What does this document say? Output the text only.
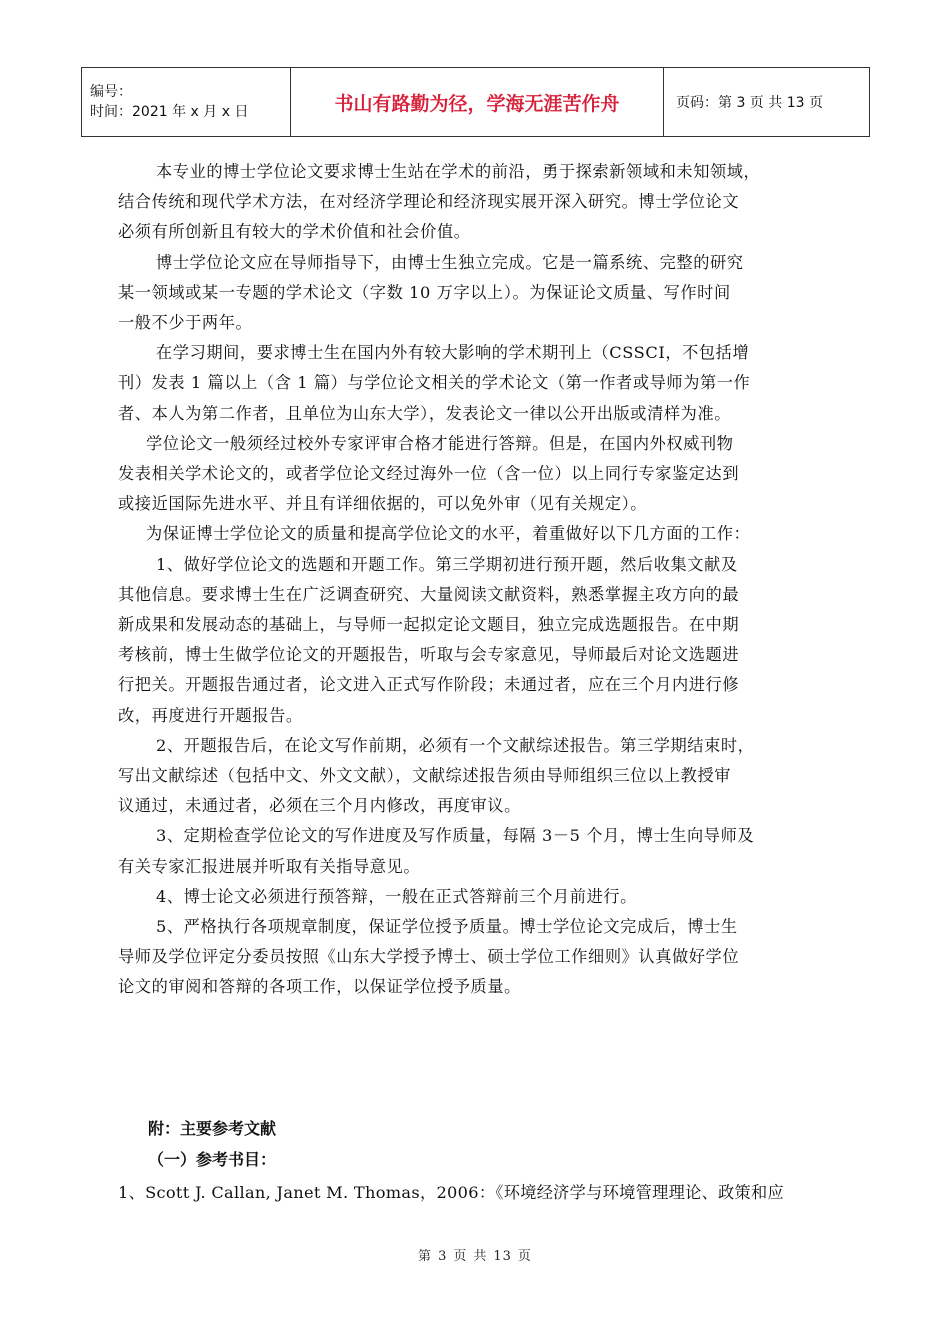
编号：
时间：2021 年 x 月 x 日	书山有路勤为径，学海无涯苦作舟	页码：第 3 页 共 13 页

本专业的博士学位论文要求博士生站在学术的前沿，勇于探索新领域和未知领域，

结合传统和现代学术方法，在对经济学理论和经济现实展开深入研究。博士学位论文
必须有所创新且有较大的学术价值和社会价值。

博士学位论文应在导师指导下，由博士生独立完成。它是一篇系统、完整的研究

某一领域或某一专题的学术论文（字数 10 万字以上）。为保证论文质量、写作时间
一般不少于两年。

在学习期间，要求博士生在国内外有较大影响的学术期刊上（CSSCI，不包括增

刊）发表 1 篇以上（含 1 篇）与学位论文相关的学术论文（第一作者或导师为第一作
者、本人为第二作者，且单位为山东大学），发表论文一律以公开出版或清样为准。

学位论文一般须经过校外专家评审合格才能进行答辩。但是，在国内外权威刊物

发表相关学术论文的，或者学位论文经过海外一位（含一位）以上同行专家鉴定达到
或接近国际先进水平、并且有详细依据的，可以免外审（见有关规定）。

为保证博士学位论文的质量和提高学位论文的水平，着重做好以下几方面的工作：

1、做好学位论文的选题和开题工作。第三学期初进行预开题，然后收集文献及

其他信息。要求博士生在广泛调查研究、大量阅读文献资料，熟悉掌握主攻方向的最
新成果和发展动态的基础上，与导师一起拟定论文题目，独立完成选题报告。在中期
考核前，博士生做学位论文的开题报告，听取与会专家意见，导师最后对论文选题进
行把关。开题报告通过者，论文进入正式写作阶段；未通过者，应在三个月内进行修
改，再度进行开题报告。

2、开题报告后，在论文写作前期，必须有一个文献综述报告。第三学期结束时，

写出文献综述（包括中文、外文文献），文献综述报告须由导师组织三位以上教授审
议通过，未通过者，必须在三个月内修改，再度审议。

3、定期检查学位论文的写作进度及写作质量，每隔 3－5 个月，博士生向导师及

有关专家汇报进展并听取有关指导意见。

4、博士论文必须进行预答辩，一般在正式答辩前三个月前进行。

5、严格执行各项规章制度，保证学位授予质量。博士学位论文完成后，博士生

导师及学位评定分委员按照《山东大学授予博士、硕士学位工作细则》认真做好学位
论文的审阅和答辩的各项工作，以保证学位授予质量。

附：主要参考文献
（一）参考书目：
1、Scott J. Callan, Janet M. Thomas，2006：《环境经济学与环境管理理论、政策和应
第 3 页 共 13 页
